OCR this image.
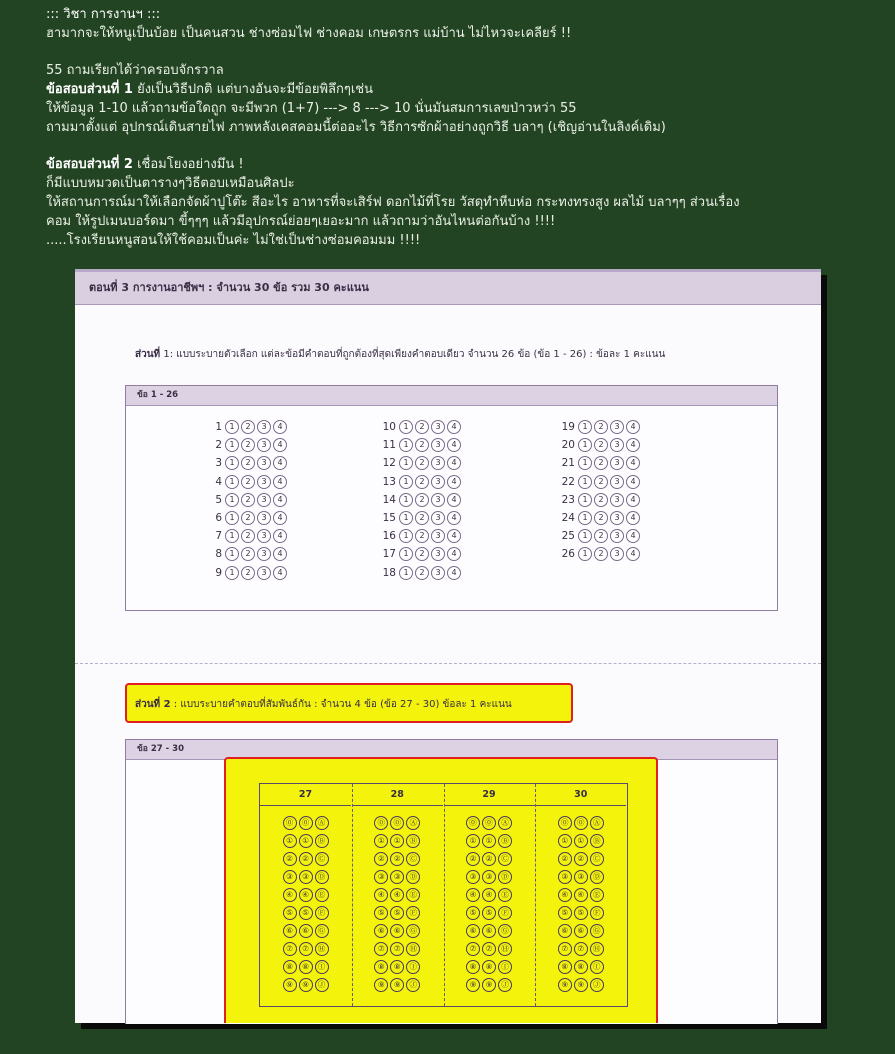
::: วิชา การงานฯ :::

ฮามากจะให้หนูเป็นบ้อย เป็นคนสวน ช่างซ่อมไฟ ช่างคอม เกษตรกร แม่บ้าน ไม่ไหวจะเคลียร์ !!

55 ถามเรียกได้ว่าครอบจักรวาล

ข้อสอบส่วนที่ 1 ยังเป็นวิธีปกติ แต่บางอันจะมีข้อยพิลึกๆเช่น

ให้ข้อมูล 1-10 แล้วถามข้อใดถูก จะมีพวก (1+7) ---> 8 ---> 10 นั่นมันสมการเลขป่าวหว่า 55

ถามมาตั้งแต่ อุปกรณ์เดินสายไฟ ภาพหลังเคสคอมนี้ต่ออะไร วิธีการซักผ้าอย่างถูกวิธี บลาๆ (เชิญอ่านในลิงค์เดิม)

ข้อสอบส่วนที่ 2 เชื่อมโยงอย่างมึน !

ก็มีแบบหมวดเป็นตารางๆวิธีตอบเหมือนศิลปะ

ให้สถานการณ์มาให้เลือกจัดผ้าปูโต๊ะ สีอะไร อาหารที่จะเสิร์ฟ ดอกไม้ที่โรย วัสดุทำหีบห่อ กระทงทรงสูง ผลไม้ บลาๆๆ ส่วนเรื่อง

คอม ให้รูปเมนบอร์ดมา ขี้ๆๆๆ แล้วมีอุปกรณ์ย่อยๆเยอะมาก แล้วถามว่าอันไหนต่อกันบ้าง !!!!

.....โรงเรียนหนูสอนให้ใช้คอมเป็นค่ะ ไม่ใช่เป็นช่างซ่อมคอมมม !!!!

ตอนที่ 3 การงานอาชีพฯ : จำนวน 30 ข้อ รวม 30 คะแนน
ส่วนที่ 1: แบบระบายตัวเลือก แต่ละข้อมีคำตอบที่ถูกต้องที่สุดเพียงคำตอบเดียว จำนวน 26 ข้อ (ข้อ 1 - 26) : ข้อละ 1 คะแนน
ข้อ 1 - 26
1 1	2	3	4
2 1	2	3	4
3 1	2	3	4
4 1	2	3	4
5 1	2	3	4
6 1	2	3	4
7 1	2	3	4
8 1	2	3	4
9 1	2	3	4
10 1	2	3	4
11 1	2	3	4
12 1	2	3	4
13 1	2	3	4
14 1	2	3	4
15 1	2	3	4
16 1	2	3	4
17 1	2	3	4
18 1	2	3	4
19 1	2	3	4
20 1	2	3	4
21 1	2	3	4
22 1	2	3	4
23 1	2	3	4
24 1	2	3	4
25 1	2	3	4
26 1	2	3	4
ส่วนที่ 2 : แบบระบายคำตอบที่สัมพันธ์กัน : จำนวน 4 ข้อ (ข้อ 27 - 30) ข้อละ 1 คะแนน
ข้อ 27 - 30
27
⓪	⓪	Ⓐ
①	①	Ⓑ
②	②	Ⓒ
③	③	Ⓓ
④	④	Ⓔ
⑤	⑤	Ⓕ
⑥	⑥	Ⓖ
⑦	⑦	Ⓗ
⑧	⑧	Ⓘ
⑨	⑨	Ⓙ
28
⓪	⓪	Ⓐ
①	①	Ⓑ
②	②	Ⓒ
③	③	Ⓓ
④	④	Ⓔ
⑤	⑤	Ⓕ
⑥	⑥	Ⓖ
⑦	⑦	Ⓗ
⑧	⑧	Ⓘ
⑨	⑨	Ⓙ
29
⓪	⓪	Ⓐ
①	①	Ⓑ
②	②	Ⓒ
③	③	Ⓓ
④	④	Ⓔ
⑤	⑤	Ⓕ
⑥	⑥	Ⓖ
⑦	⑦	Ⓗ
⑧	⑧	Ⓘ
⑨	⑨	Ⓙ
30
⓪	⓪	Ⓐ
①	①	Ⓑ
②	②	Ⓒ
③	③	Ⓓ
④	④	Ⓔ
⑤	⑤	Ⓕ
⑥	⑥	Ⓖ
⑦	⑦	Ⓗ
⑧	⑧	Ⓘ
⑨	⑨	Ⓙ
